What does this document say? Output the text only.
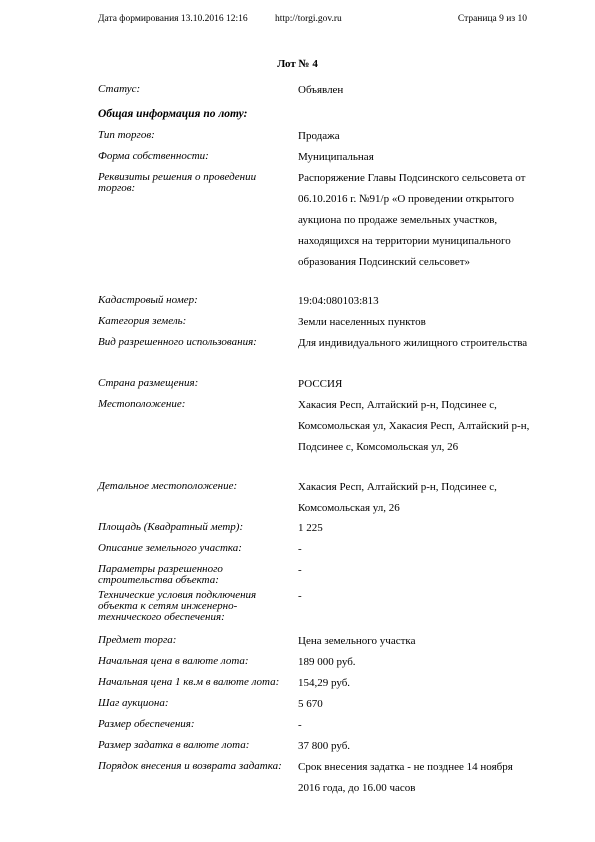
Дата формирования 13.10.2016 12:16	http://torgi.gov.ru	Страница 9 из 10
Лот № 4
Статус:	Объявлен
Общая информация по лоту:
Тип торгов:	Продажа
Форма собственности:	Муниципальная
Реквизиты решения о проведении торгов:
Распоряжение Главы Подсинского сельсовета от 06.10.2016 г. №91/р «О проведении открытого аукциона по продаже земельных участков, находящихся на территории муниципального образования Подсинский сельсовет»
Кадастровый номер:	19:04:080103:813
Категория земель:	Земли населенных пунктов
Вид разрешенного использования:	Для индивидуального жилищного строительства
Страна размещения:	РОССИЯ
Местоположение:	Хакасия Респ, Алтайский р-н, Подсинее с, Комсомольская ул, Хакасия Респ, Алтайский р-н, Подсинее с, Комсомольская ул, 26
Детальное местоположение:	Хакасия Респ, Алтайский р-н, Подсинее с, Комсомольская ул, 26
Площадь (Квадратный метр):	1 225
Описание земельного участка:	-
Параметры разрешенного строительства объекта:
-
Технические условия подключения объекта к сетям инженерно-технического обеспечения:
-
Предмет торга:	Цена земельного участка
Начальная цена в валюте лота:	189 000 руб.
Начальная цена 1 кв.м в валюте лота:	154,29 руб.
Шаг аукциона:	5 670
Размер обеспечения:	-
Размер задатка в валюте лота:	37 800 руб.
Порядок внесения и возврата задатка:	Срок внесения задатка - не позднее 14 ноября 2016 года, до 16.00 часов
